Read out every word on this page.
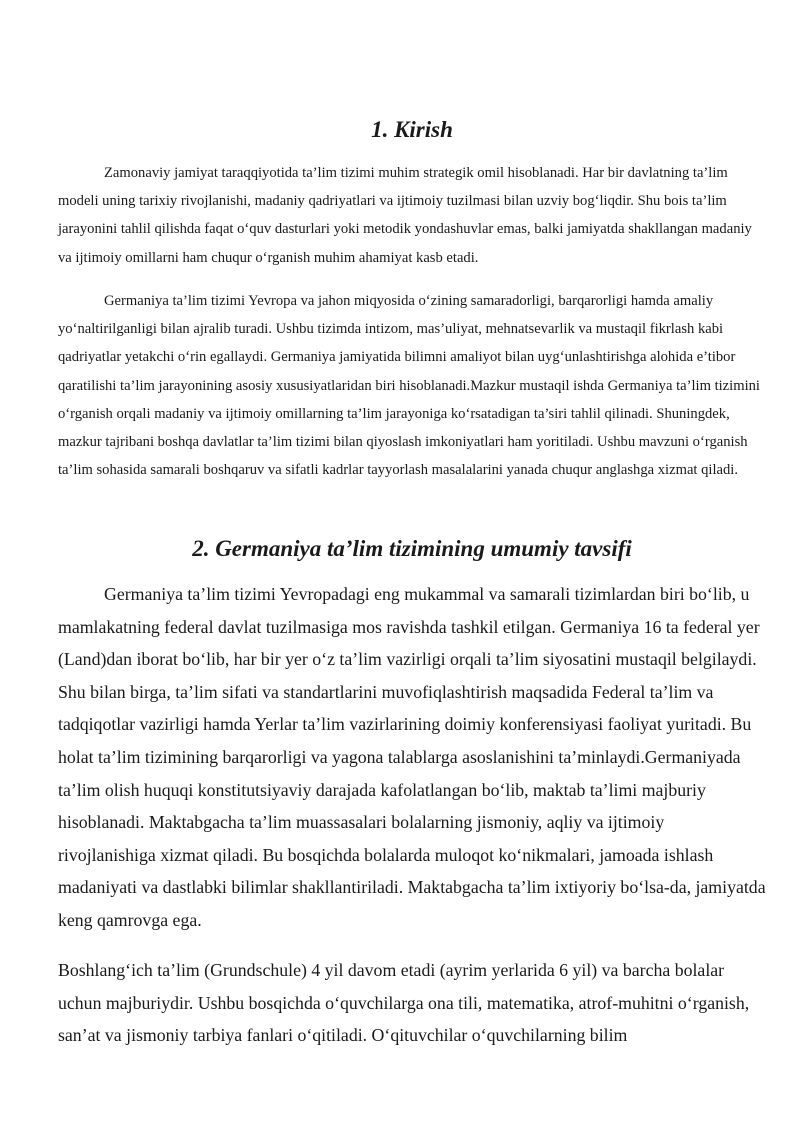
1. Kirish

Zamonaviy jamiyat taraqqiyotida ta’lim tizimi muhim strategik omil hisoblanadi. Har bir davlatning ta’lim modeli uning tarixiy rivojlanishi, madaniy qadriyatlari va ijtimoiy tuzilmasi bilan uzviy bog‘liqdir. Shu bois ta’lim jarayonini tahlil qilishda faqat o‘quv dasturlari yoki metodik yondashuvlar emas, balki jamiyatda shakllangan madaniy va ijtimoiy omillarni ham chuqur o‘rganish muhim ahamiyat kasb etadi.

Germaniya ta’lim tizimi Yevropa va jahon miqyosida o‘zining samaradorligi, barqarorligi hamda amaliy yo‘naltirilganligi bilan ajralib turadi. Ushbu tizimda intizom, mas’uliyat, mehnatsevarlik va mustaqil fikrlash kabi qadriyatlar yetakchi o‘rin egallaydi. Germaniya jamiyatida bilimni amaliyot bilan uyg‘unlashtirishga alohida e’tibor qaratilishi ta’lim jarayonining asosiy xususiyatlaridan biri hisoblanadi.Mazkur mustaqil ishda Germaniya ta’lim tizimini o‘rganish orqali madaniy va ijtimoiy omillarning ta’lim jarayoniga ko‘rsatadigan ta’siri tahlil qilinadi. Shuningdek, mazkur tajribani boshqa davlatlar ta’lim tizimi bilan qiyoslash imkoniyatlari ham yoritiladi. Ushbu mavzuni o‘rganish ta’lim sohasida samarali boshqaruv va sifatli kadrlar tayyorlash masalalarini yanada chuqur anglashga xizmat qiladi.

2. Germaniya ta’lim tizimining umumiy tavsifi

Germaniya ta’lim tizimi Yevropadagi eng mukammal va samarali tizimlardan biri bo‘lib, u mamlakatning federal davlat tuzilmasiga mos ravishda tashkil etilgan. Germaniya 16 ta federal yer (Land)dan iborat bo‘lib, har bir yer o‘z ta’lim vazirligi orqali ta’lim siyosatini mustaqil belgilaydi. Shu bilan birga, ta’lim sifati va standartlarini muvofiqlashtirish maqsadida Federal ta’lim va tadqiqotlar vazirligi hamda Yerlar ta’lim vazirlarining doimiy konferensiyasi faoliyat yuritadi. Bu holat ta’lim tizimining barqarorligi va yagona talablarga asoslanishini ta’minlaydi.Germaniyada ta’lim olish huquqi konstitutsiyaviy darajada kafolatlangan bo‘lib, maktab ta’limi majburiy hisoblanadi. Maktabgacha ta’lim muassasalari bolalarning jismoniy, aqliy va ijtimoiy rivojlanishiga xizmat qiladi. Bu bosqichda bolalarda muloqot ko‘nikmalari, jamoada ishlash madaniyati va dastlabki bilimlar shakllantiriladi. Maktabgacha ta’lim ixtiyoriy bo‘lsa-da, jamiyatda keng qamrovga ega.

Boshlang‘ich ta’lim (Grundschule) 4 yil davom etadi (ayrim yerlarida 6 yil) va barcha bolalar uchun majburiydir. Ushbu bosqichda o‘quvchilarga ona tili, matematika, atrof-muhitni o‘rganish, san’at va jismoniy tarbiya fanlari o‘qitiladi. O‘qituvchilar o‘quvchilarning bilim
